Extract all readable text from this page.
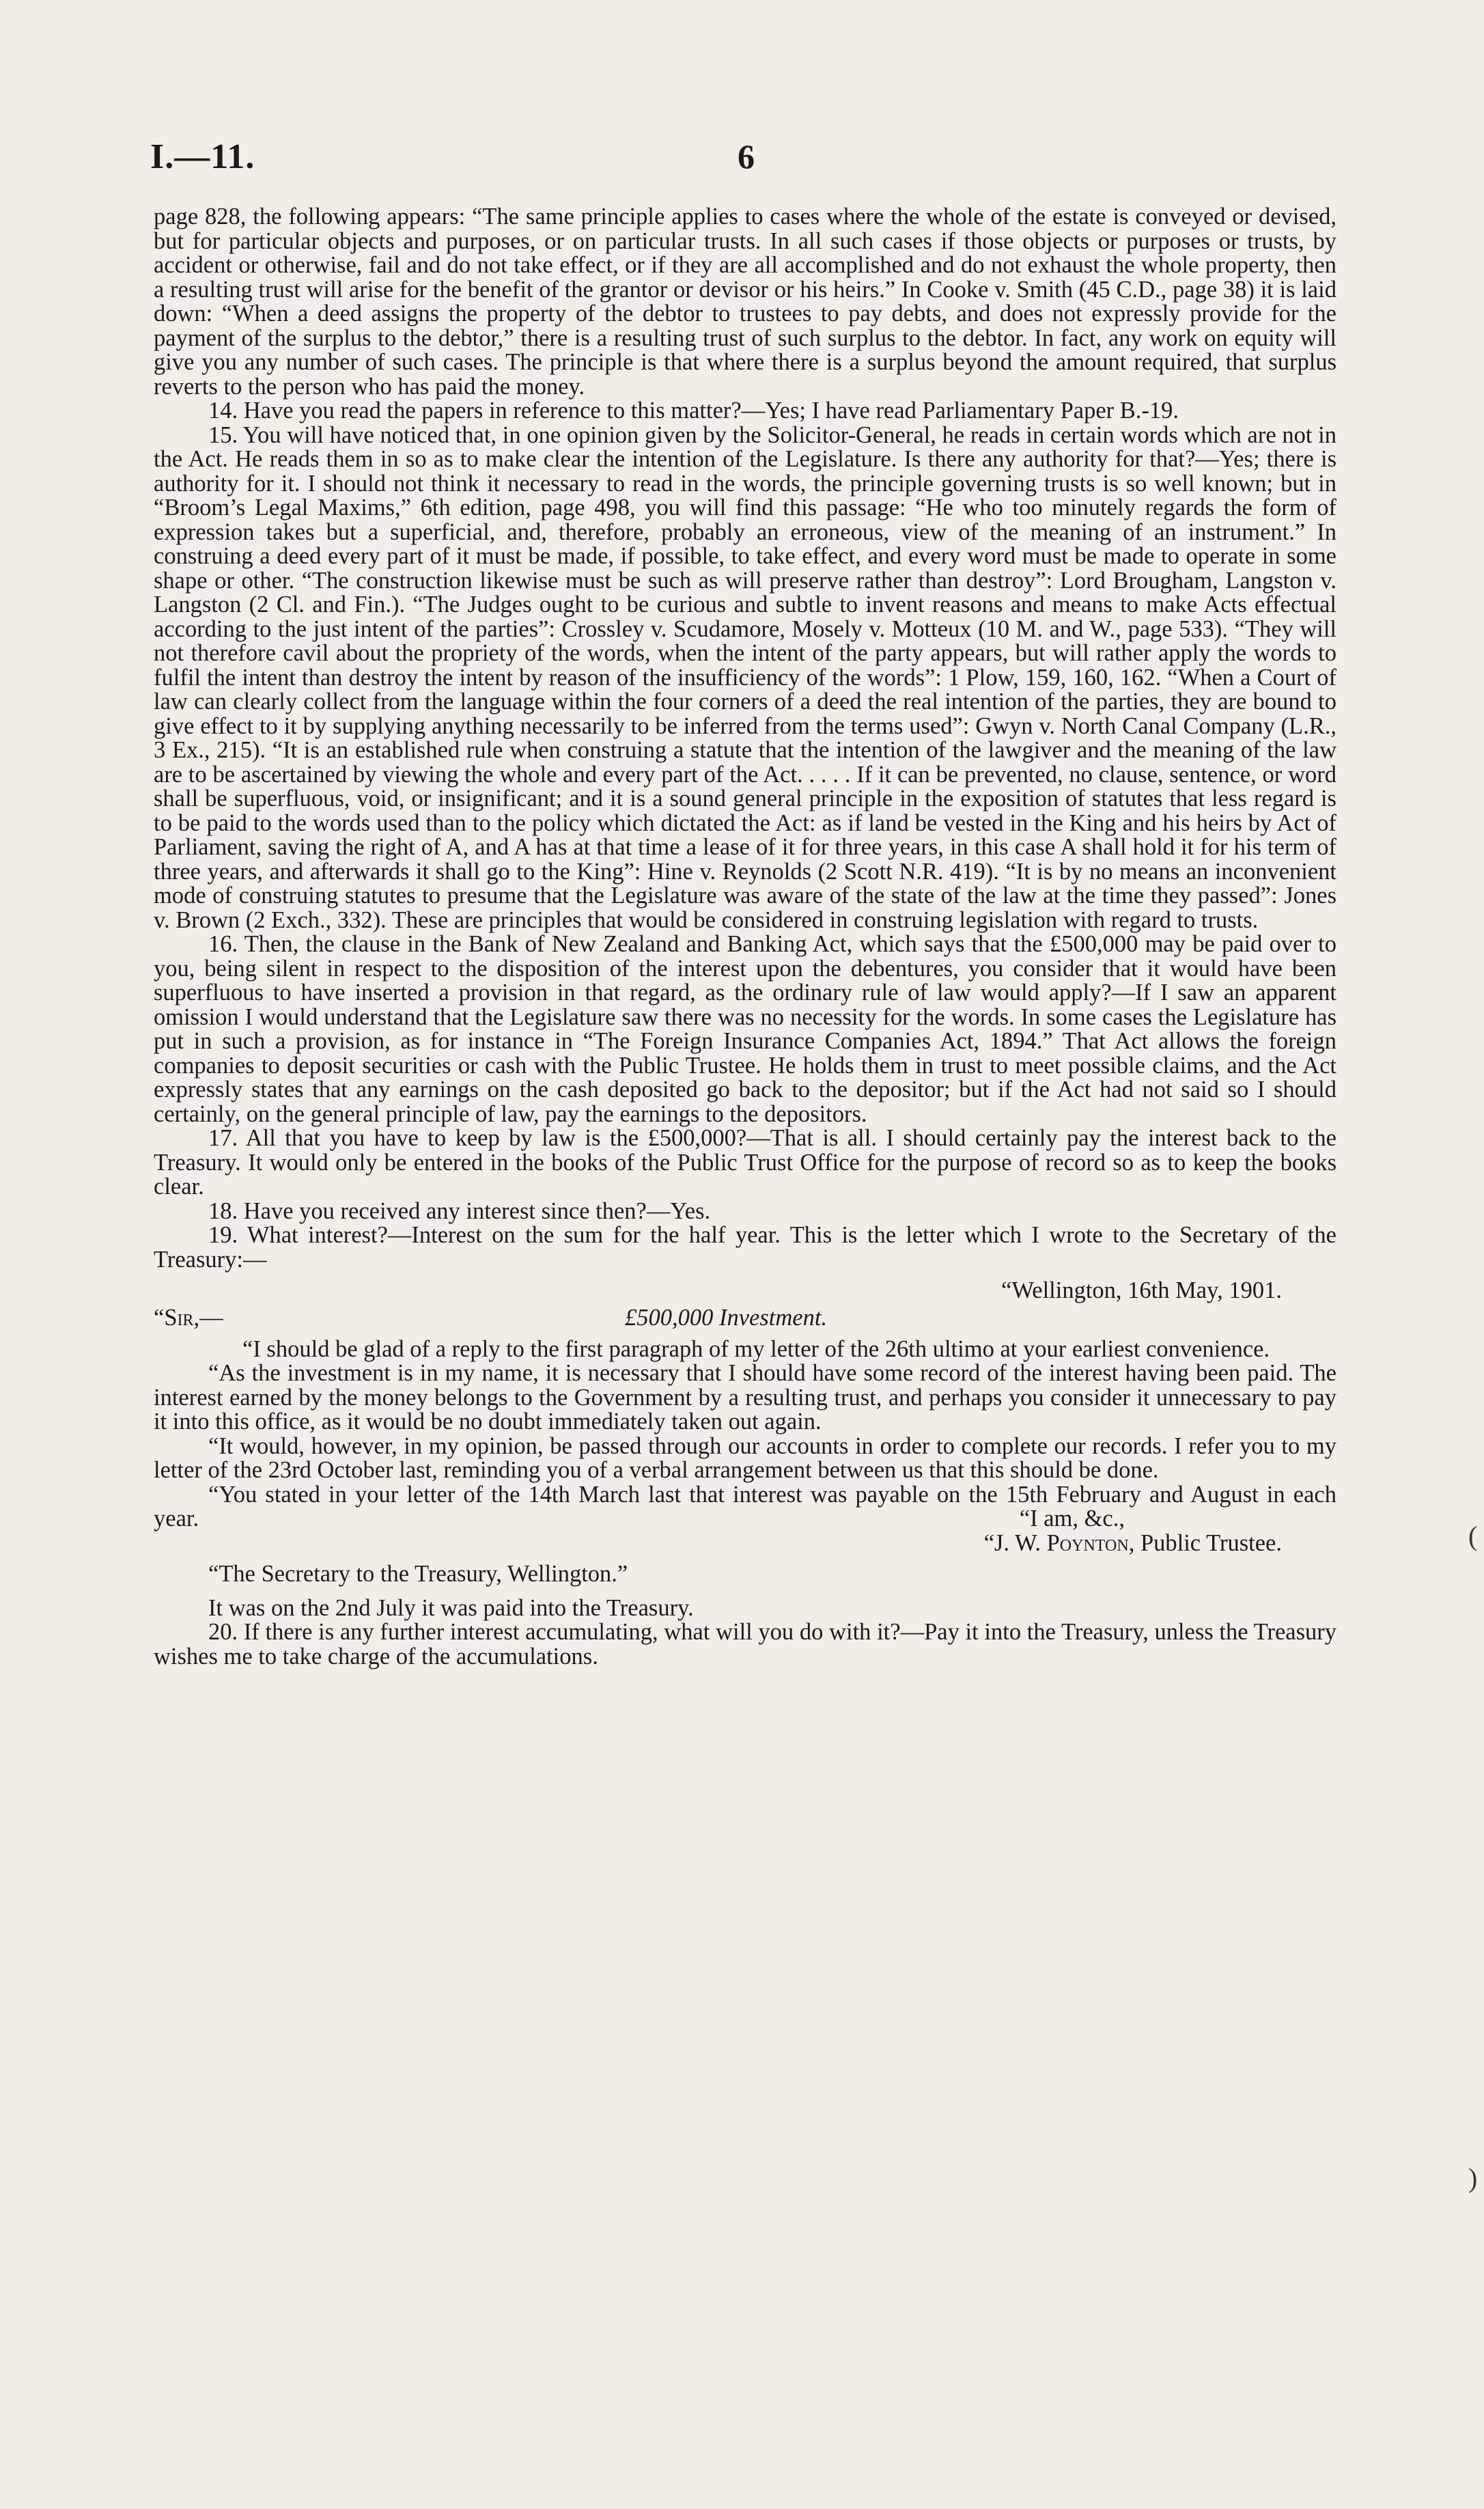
I.—11.	6

page 828, the following appears: “The same principle applies to cases where the whole of the estate is conveyed or devised, but for particular objects and purposes, or on particular trusts. In all such cases if those objects or purposes or trusts, by accident or otherwise, fail and do not take effect, or if they are all accomplished and do not exhaust the whole property, then a resulting trust will arise for the benefit of the grantor or devisor or his heirs.” In Cooke v. Smith (45 C.D., page 38) it is laid down: “When a deed assigns the property of the debtor to trustees to pay debts, and does not expressly provide for the payment of the surplus to the debtor,” there is a resulting trust of such surplus to the debtor. In fact, any work on equity will give you any number of such cases. The principle is that where there is a surplus beyond the amount required, that surplus reverts to the person who has paid the money.

14. Have you read the papers in reference to this matter?—Yes; I have read Parliamentary Paper B.-19.

15. You will have noticed that, in one opinion given by the Solicitor-General, he reads in certain words which are not in the Act. He reads them in so as to make clear the intention of the Legislature. Is there any authority for that?—Yes; there is authority for it. I should not think it necessary to read in the words, the principle governing trusts is so well known; but in “Broom’s Legal Maxims,” 6th edition, page 498, you will find this passage: “He who too minutely regards the form of expression takes but a superficial, and, therefore, probably an erroneous, view of the meaning of an instrument.” In construing a deed every part of it must be made, if possible, to take effect, and every word must be made to operate in some shape or other. “The construction likewise must be such as will preserve rather than destroy”: Lord Brougham, Langston v. Langston (2 Cl. and Fin.). “The Judges ought to be curious and subtle to invent reasons and means to make Acts effectual according to the just intent of the parties”: Crossley v. Scudamore, Mosely v. Motteux (10 M. and W., page 533). “They will not therefore cavil about the propriety of the words, when the intent of the party appears, but will rather apply the words to fulfil the intent than destroy the intent by reason of the insufficiency of the words”: 1 Plow, 159, 160, 162. “When a Court of law can clearly collect from the language within the four corners of a deed the real intention of the parties, they are bound to give effect to it by supplying anything necessarily to be inferred from the terms used”: Gwyn v. North Canal Company (L.R., 3 Ex., 215). “It is an established rule when construing a statute that the intention of the lawgiver and the meaning of the law are to be ascertained by viewing the whole and every part of the Act. . . . . If it can be prevented, no clause, sentence, or word shall be superfluous, void, or insignificant; and it is a sound general principle in the exposition of statutes that less regard is to be paid to the words used than to the policy which dictated the Act: as if land be vested in the King and his heirs by Act of Parliament, saving the right of A, and A has at that time a lease of it for three years, in this case A shall hold it for his term of three years, and afterwards it shall go to the King”: Hine v. Reynolds (2 Scott N.R. 419). “It is by no means an inconvenient mode of construing statutes to presume that the Legislature was aware of the state of the law at the time they passed”: Jones v. Brown (2 Exch., 332). These are principles that would be considered in construing legislation with regard to trusts.

16. Then, the clause in the Bank of New Zealand and Banking Act, which says that the £500,000 may be paid over to you, being silent in respect to the disposition of the interest upon the debentures, you consider that it would have been superfluous to have inserted a provision in that regard, as the ordinary rule of law would apply?—If I saw an apparent omission I would understand that the Legislature saw there was no necessity for the words. In some cases the Legislature has put in such a provision, as for instance in “The Foreign Insurance Companies Act, 1894.” That Act allows the foreign companies to deposit securities or cash with the Public Trustee. He holds them in trust to meet possible claims, and the Act expressly states that any earnings on the cash deposited go back to the depositor; but if the Act had not said so I should certainly, on the general principle of law, pay the earnings to the depositors.

17. All that you have to keep by law is the £500,000?—That is all. I should certainly pay the interest back to the Treasury. It would only be entered in the books of the Public Trust Office for the purpose of record so as to keep the books clear.

18. Have you received any interest since then?—Yes.

19. What interest?—Interest on the sum for the half year. This is the letter which I wrote to the Secretary of the Treasury:—

“Wellington, 16th May, 1901.

“Sir,—	£500,000 Investment.

“I should be glad of a reply to the first paragraph of my letter of the 26th ultimo at your earliest convenience.

“As the investment is in my name, it is necessary that I should have some record of the interest having been paid. The interest earned by the money belongs to the Government by a resulting trust, and perhaps you consider it unnecessary to pay it into this office, as it would be no doubt immediately taken out again.

“It would, however, in my opinion, be passed through our accounts in order to complete our records. I refer you to my letter of the 23rd October last, reminding you of a verbal arrangement between us that this should be done.

“You stated in your letter of the 14th March last that interest was payable on the 15th February and August in each year.	“I am, &c.,

“J. W. Poynton, Public Trustee.

“The Secretary to the Treasury, Wellington.”

It was on the 2nd July it was paid into the Treasury.

20. If there is any further interest accumulating, what will you do with it?—Pay it into the Treasury, unless the Treasury wishes me to take charge of the accumulations.

(
)
